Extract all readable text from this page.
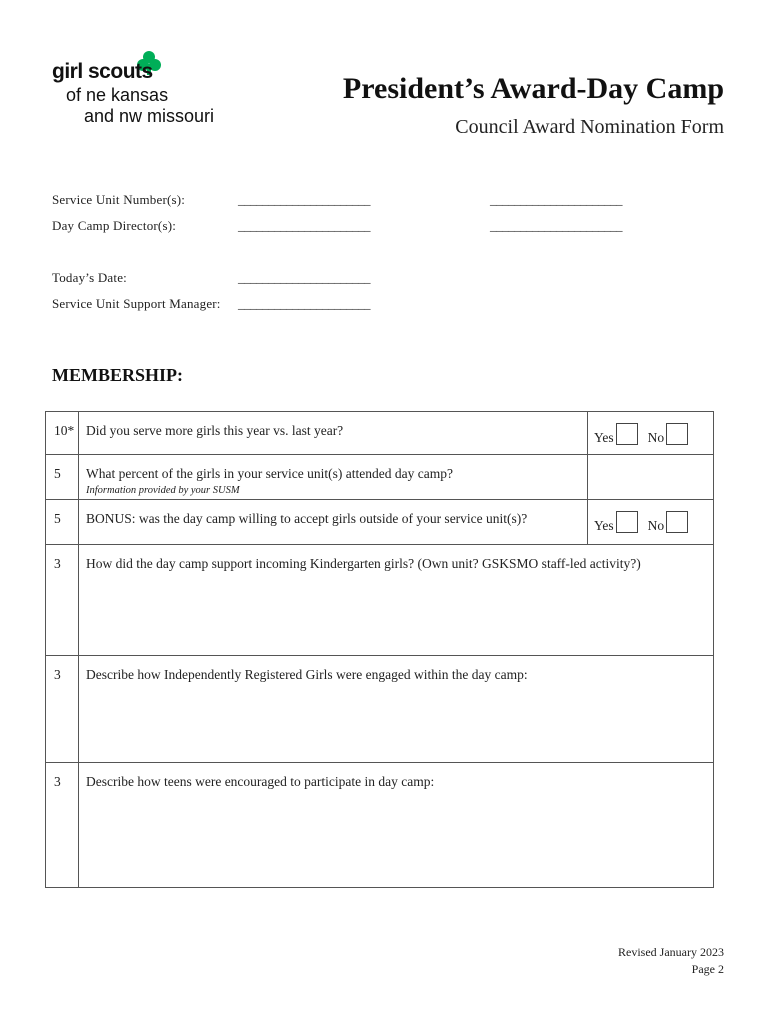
girl scouts
of ne kansas
and nw missouri
President’s Award-Day Camp
Council Award Nomination Form
Service Unit Number(s):	______________________	______________________
Day Camp Director(s):	______________________	______________________
Today’s Date:	______________________
Service Unit Support Manager: ______________________
MEMBERSHIP:
10*	Did you serve more girls this year vs. last year?	Yes No
5	What percent of the girls in your service unit(s) attended day camp?
Information provided by your SUSM	

5	BONUS: was the day camp willing to accept girls outside of your service unit(s)?	Yes No
3	How did the day camp support incoming Kindergarten girls? (Own unit? GSKSMO staff-led activity?)	
3	Describe how Independently Registered Girls were engaged within the day camp:	
3	Describe how teens were encouraged to participate in day camp:	
Revised January 2023
Page 2
